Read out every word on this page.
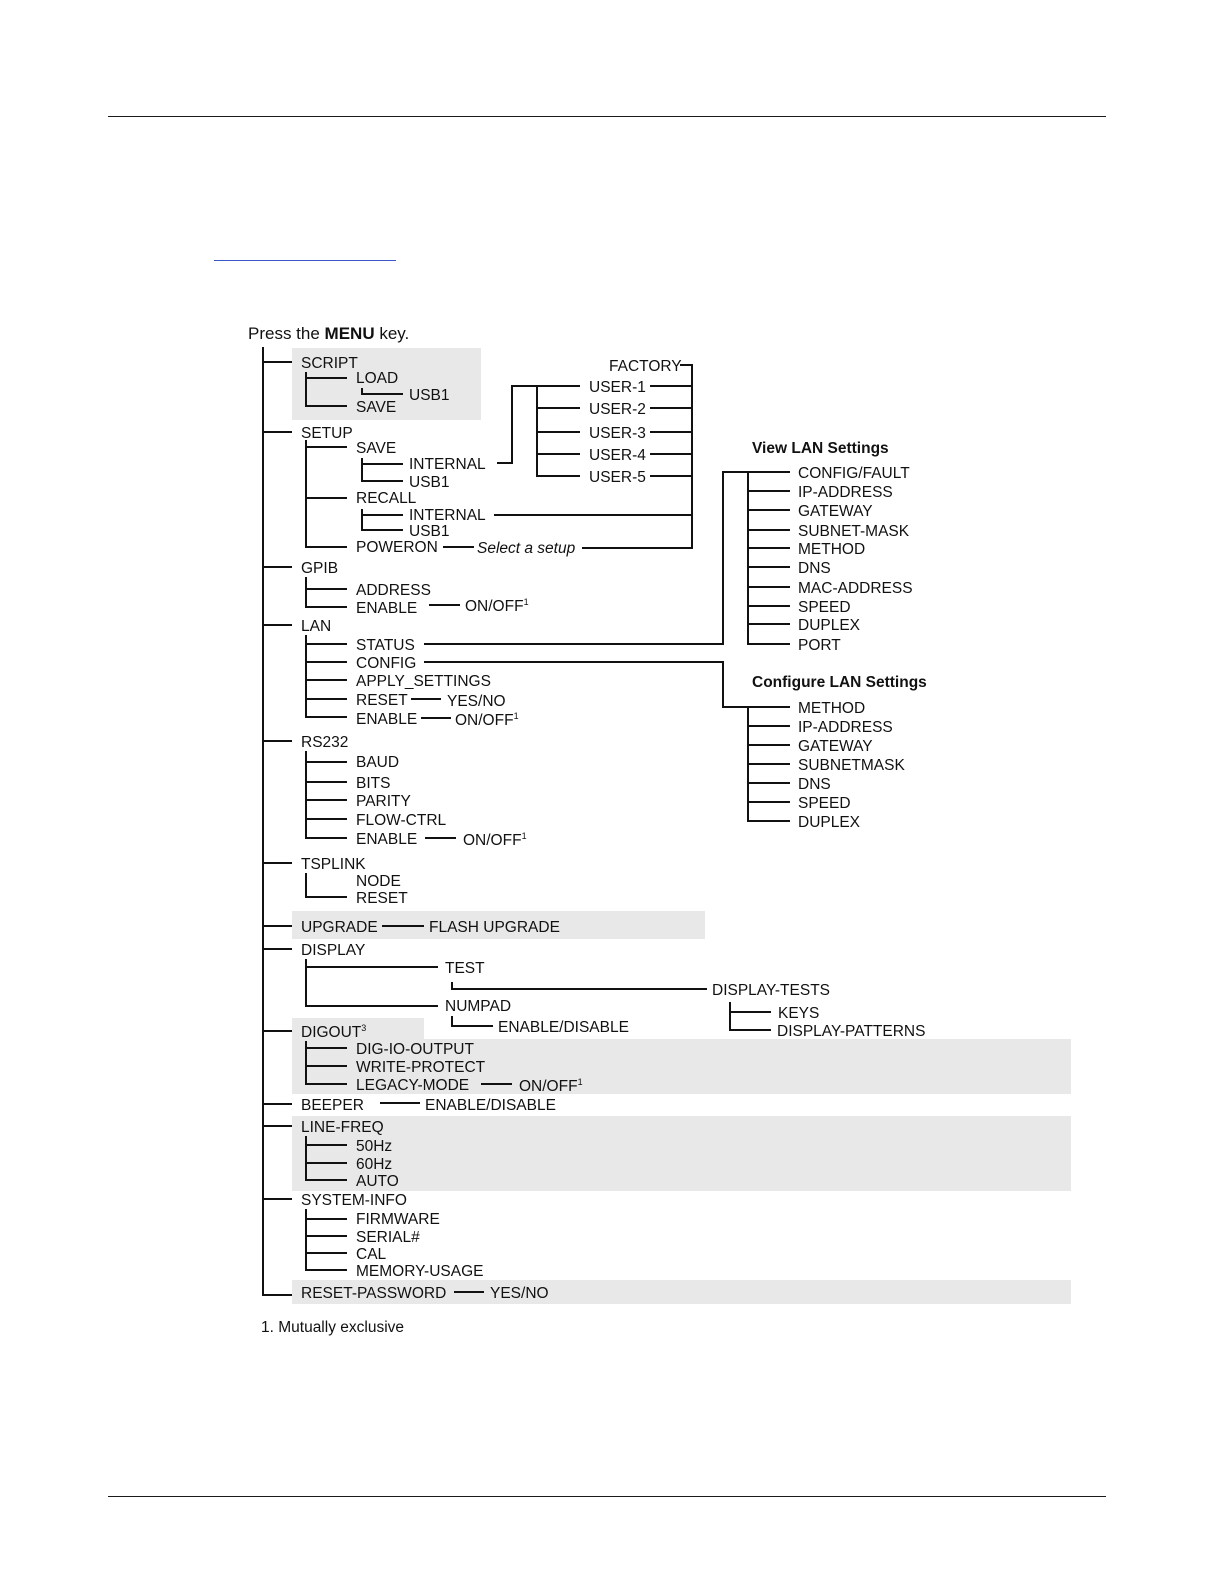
Press the MENU key.
SCRIPT
LOAD
USB1
SAVE
SETUP
SAVE
INTERNAL
USB1
RECALL
INTERNAL
USB1
POWERON	Select a setup
FACTORY
USER-1
USER-2
USER-3
USER-4
USER-5
GPIB
ADDRESS
ENABLE	ON/OFF$^1$
LAN
STATUS
CONFIG
APPLY_SETTINGS
RESET	YES/NO
ENABLE ON/OFF$^1$
View LAN Settings
CONFIG/FAULT
IP-ADDRESS
GATEWAY
SUBNET-MASK
METHOD
DNS
MAC-ADDRESS
SPEED
DUPLEX
PORT
Configure LAN Settings
METHOD
IP-ADDRESS
GATEWAY
SUBNETMASK
DNS
SPEED
DUPLEX
RS232
BAUD
BITS
PARITY
FLOW-CTRL
ENABLE	ON/OFF$^1$
TSPLINK
NODE
RESET
UPGRADE	FLASH UPGRADE
DISPLAY
TEST
DISPLAY-TESTS
KEYS
DISPLAY-PATTERNS
NUMPAD
ENABLE/DISABLE
DIGOUT$^3$
DIG-IO-OUTPUT
WRITE-PROTECT
LEGACY-MODE	ON/OFF$^1$
BEEPER	ENABLE/DISABLE
LINE-FREQ
50Hz
60Hz
AUTO
SYSTEM-INFO
FIRMWARE
SERIAL#
CAL
MEMORY-USAGE
RESET-PASSWORD	YES/NO
1. Mutually exclusive
